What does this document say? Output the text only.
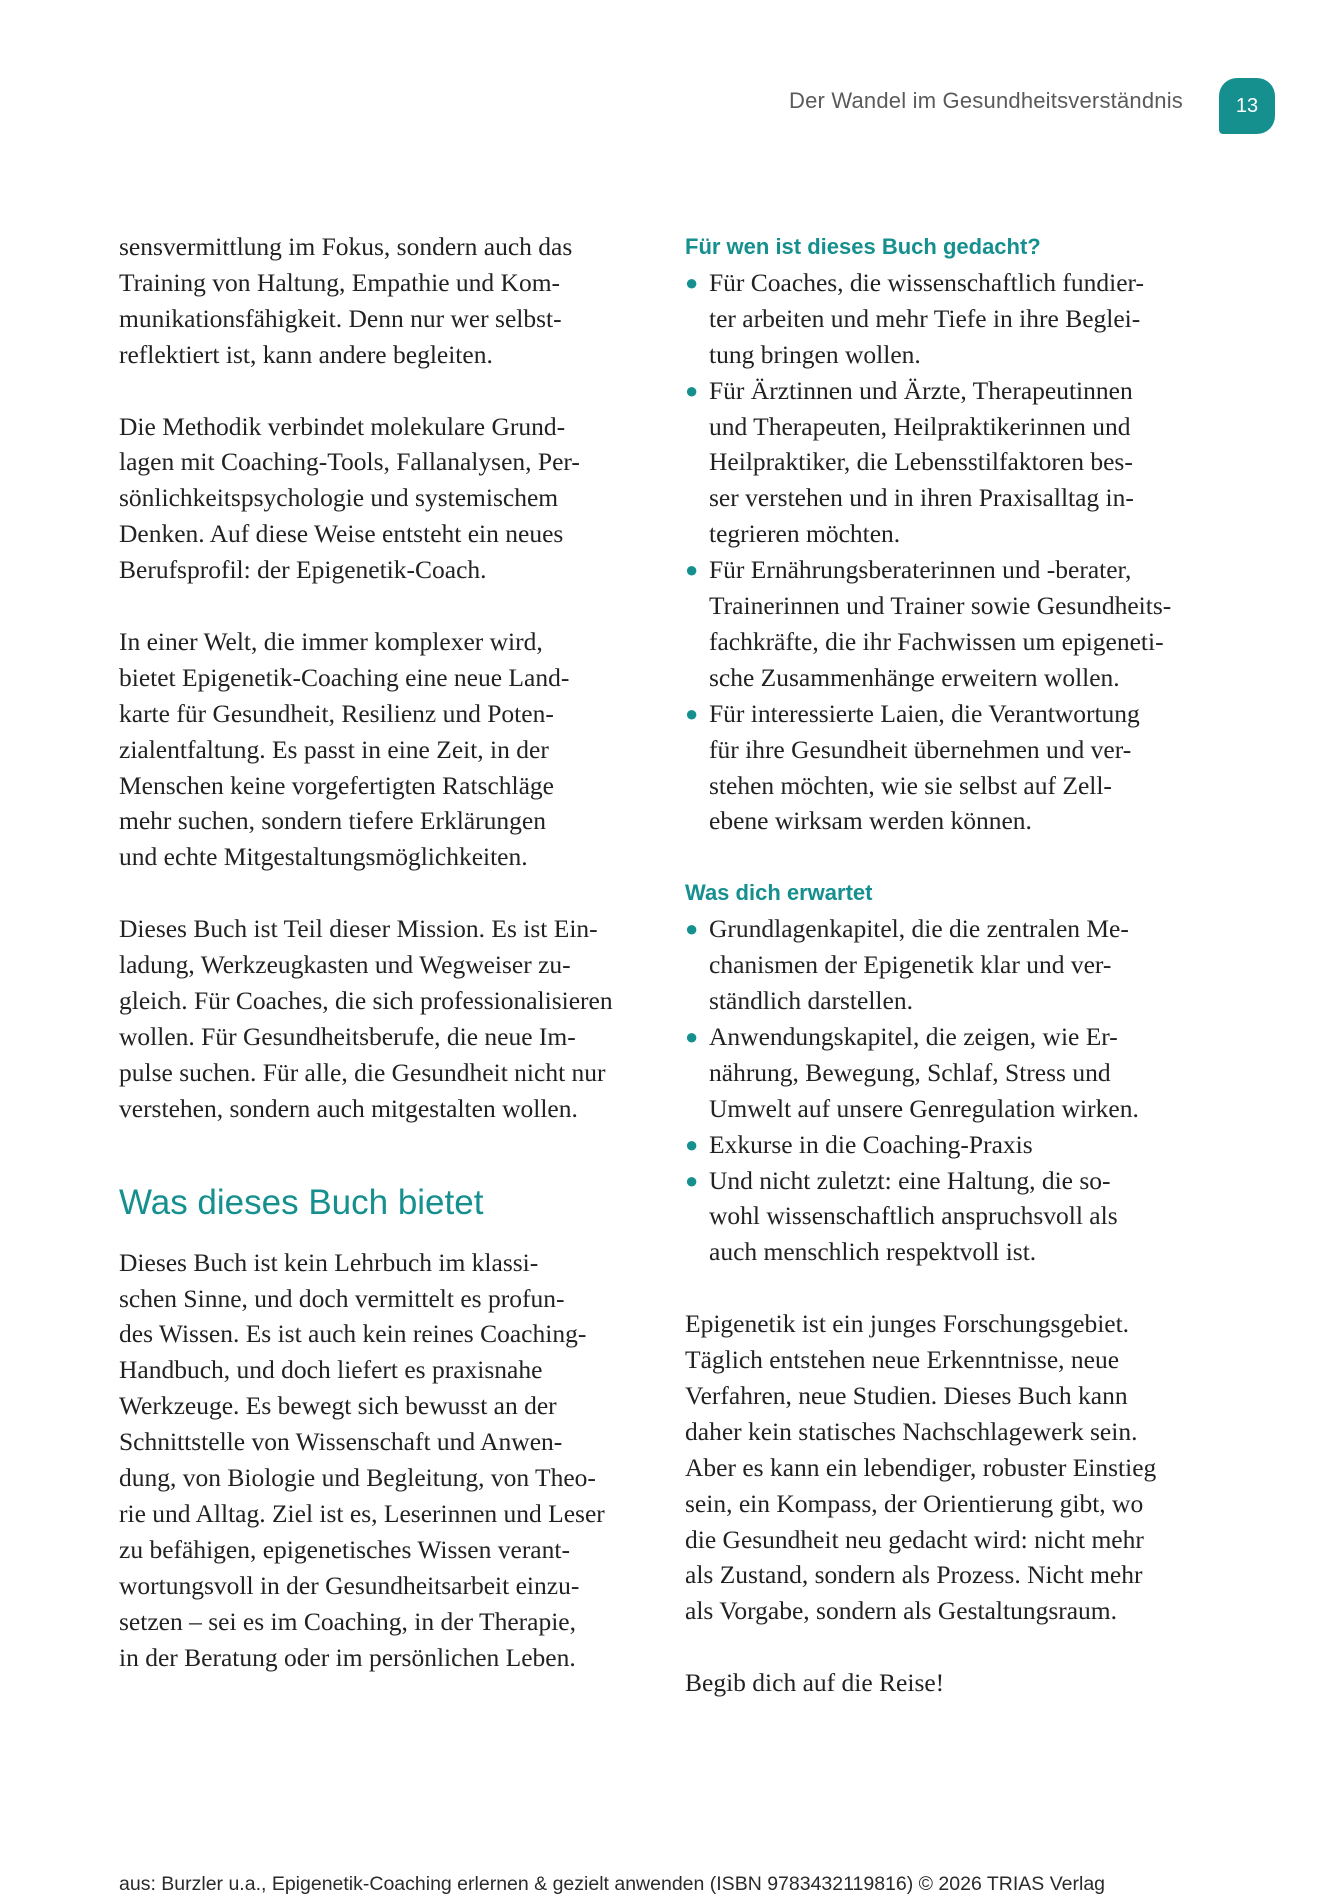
Der Wandel im Gesundheitsverständnis	13

sensvermittlung im Fokus, sondern auch das

Training von Haltung, Empathie und Kom-

munikationsfähigkeit. Denn nur wer selbst-

reflektiert ist, kann andere begleiten.

Die Methodik verbindet molekulare Grund-

lagen mit Coaching-Tools, Fallanalysen, Per-

sönlichkeitspsychologie und systemischem

Denken. Auf diese Weise entsteht ein neues

Berufsprofil: der Epigenetik-Coach.

In einer Welt, die immer komplexer wird,

bietet Epigenetik-Coaching eine neue Land-

karte für Gesundheit, Resilienz und Poten-

zialentfaltung. Es passt in eine Zeit, in der

Menschen keine vorgefertigten Ratschläge

mehr suchen, sondern tiefere Erklärungen

und echte Mitgestaltungsmöglichkeiten.

Dieses Buch ist Teil dieser Mission. Es ist Ein-

ladung, Werkzeugkasten und Wegweiser zu-

gleich. Für Coaches, die sich professionalisieren

wollen. Für Gesundheitsberufe, die neue Im-

pulse suchen. Für alle, die Gesundheit nicht nur

verstehen, sondern auch mitgestalten wollen.

Was dieses Buch bietet

Dieses Buch ist kein Lehrbuch im klassi-

schen Sinne, und doch vermittelt es profun-

des Wissen. Es ist auch kein reines Coaching-

Handbuch, und doch liefert es praxisnahe

Werkzeuge. Es bewegt sich bewusst an der

Schnittstelle von Wissenschaft und Anwen-

dung, von Biologie und Begleitung, von Theo-

rie und Alltag. Ziel ist es, Leserinnen und Leser

zu befähigen, epigenetisches Wissen verant-

wortungsvoll in der Gesundheitsarbeit einzu-

setzen – sei es im Coaching, in der Therapie,

in der Beratung oder im persönlichen Leben.

Für wen ist dieses Buch gedacht?
● Für Coaches, die wissenschaftlich fundier-
ter arbeiten und mehr Tiefe in ihre Beglei-
tung bringen wollen.
● Für Ärztinnen und Ärzte, Therapeutinnen
und Therapeuten, Heilpraktikerinnen und
Heilpraktiker, die Lebensstilfaktoren bes-
ser verstehen und in ihren Praxisalltag in-
tegrieren möchten.
● Für Ernährungsberaterinnen und -berater,
Trainerinnen und Trainer sowie Gesundheits-
fachkräfte, die ihr Fachwissen um epigeneti-
sche Zusammenhänge erweitern wollen.
● Für interessierte Laien, die Verantwortung
für ihre Gesundheit übernehmen und ver-
stehen möchten, wie sie selbst auf Zell-
ebene wirksam werden können.
Was dich erwartet
● Grundlagenkapitel, die die zentralen Me-
chanismen der Epigenetik klar und ver-
ständlich darstellen.
● Anwendungskapitel, die zeigen, wie Er-
nährung, Bewegung, Schlaf, Stress und
Umwelt auf unsere Genregulation wirken.
● Exkurse in die Coaching-Praxis
● Und nicht zuletzt: eine Haltung, die so-
wohl wissenschaftlich anspruchsvoll als
auch menschlich respektvoll ist.

Epigenetik ist ein junges Forschungsgebiet.

Täglich entstehen neue Erkenntnisse, neue

Verfahren, neue Studien. Dieses Buch kann

daher kein statisches Nachschlagewerk sein.

Aber es kann ein lebendiger, robuster Einstieg

sein, ein Kompass, der Orientierung gibt, wo

die Gesundheit neu gedacht wird: nicht mehr

als Zustand, sondern als Prozess. Nicht mehr

als Vorgabe, sondern als Gestaltungsraum.

Begib dich auf die Reise!

aus: Burzler u.a., Epigenetik-Coaching erlernen & gezielt anwenden (ISBN 9783432119816) © 2026 TRIAS Verlag
